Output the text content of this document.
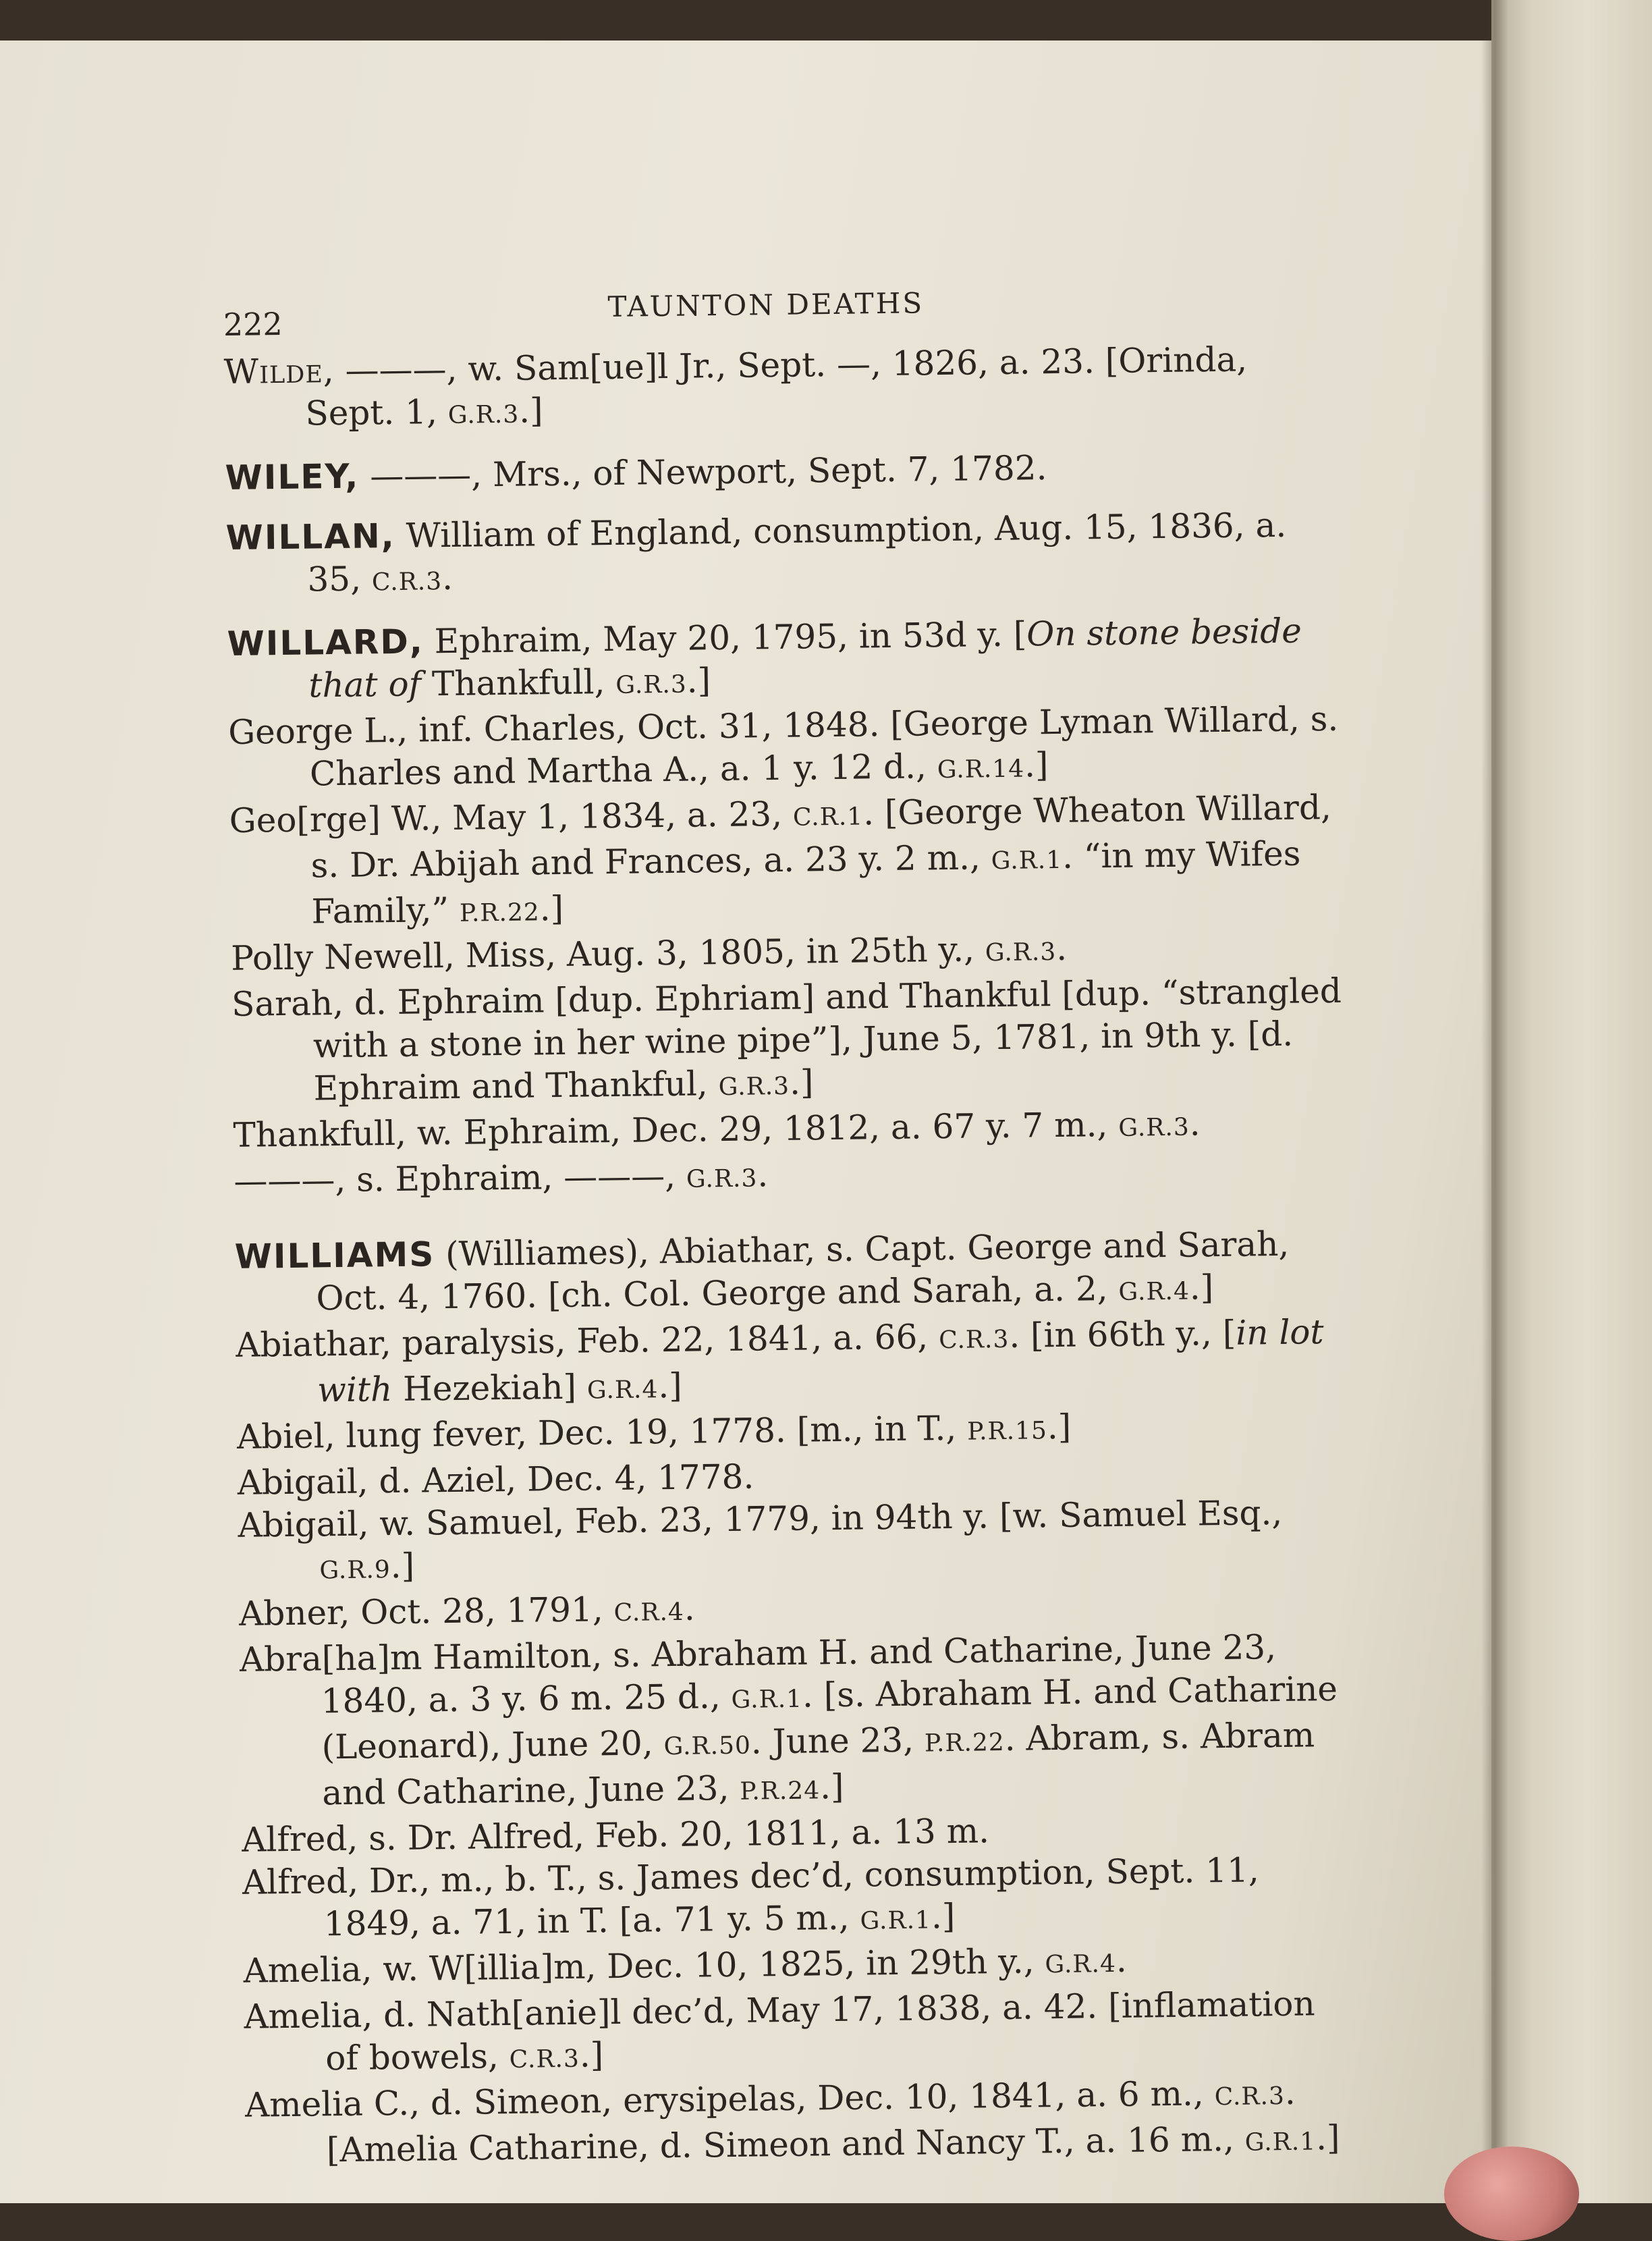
222
TAUNTON DEATHS

Wilde, ———, w. Sam[ue]l Jr., Sept. —, 1826, a. 23. [Orinda, Sept. 1, G.R.3.]

WILEY, ———, Mrs., of Newport, Sept. 7, 1782.

WILLAN, William of England, consumption, Aug. 15, 1836, a. 35, C.R.3.

WILLARD, Ephraim, May 20, 1795, in 53d y. [On stone beside that of Thankfull, G.R.3.]

George L., inf. Charles, Oct. 31, 1848. [George Lyman Willard, s. Charles and Martha A., a. 1 y. 12 d., G.R.14.]

Geo[rge] W., May 1, 1834, a. 23, C.R.1. [George Wheaton Willard, s. Dr. Abijah and Frances, a. 23 y. 2 m., G.R.1. “in my Wifes Family,” P.R.22.]

Polly Newell, Miss, Aug. 3, 1805, in 25th y., G.R.3.

Sarah, d. Ephraim [dup. Ephriam] and Thankful [dup. “strangled with a stone in her wine pipe”], June 5, 1781, in 9th y. [d. Ephraim and Thankful, G.R.3.]

Thankfull, w. Ephraim, Dec. 29, 1812, a. 67 y. 7 m., G.R.3.

———, s. Ephraim, ———, G.R.3.

WILLIAMS (Williames), Abiathar, s. Capt. George and Sarah, Oct. 4, 1760. [ch. Col. George and Sarah, a. 2, G.R.4.]

Abiathar, paralysis, Feb. 22, 1841, a. 66, C.R.3. [in 66th y., [in lot with Hezekiah] G.R.4.]

Abiel, lung fever, Dec. 19, 1778. [m., in T., P.R.15.]

Abigail, d. Aziel, Dec. 4, 1778.

Abigail, w. Samuel, Feb. 23, 1779, in 94th y. [w. Samuel Esq., G.R.9.]

Abner, Oct. 28, 1791, C.R.4.

Abra[ha]m Hamilton, s. Abraham H. and Catharine, June 23, 1840, a. 3 y. 6 m. 25 d., G.R.1. [s. Abraham H. and Catharine (Leonard), June 20, G.R.50. June 23, P.R.22. Abram, s. Abram and Catharine, June 23, P.R.24.]

Alfred, s. Dr. Alfred, Feb. 20, 1811, a. 13 m.

Alfred, Dr., m., b. T., s. James dec’d, consumption, Sept. 11, 1849, a. 71, in T. [a. 71 y. 5 m., G.R.1.]

Amelia, w. W[illia]m, Dec. 10, 1825, in 29th y., G.R.4.

Amelia, d. Nath[anie]l dec’d, May 17, 1838, a. 42. [inflamation of bowels, C.R.3.]

Amelia C., d. Simeon, erysipelas, Dec. 10, 1841, a. 6 m., C.R.3. [Amelia Catharine, d. Simeon and Nancy T., a. 16 m., G.R.1.]
